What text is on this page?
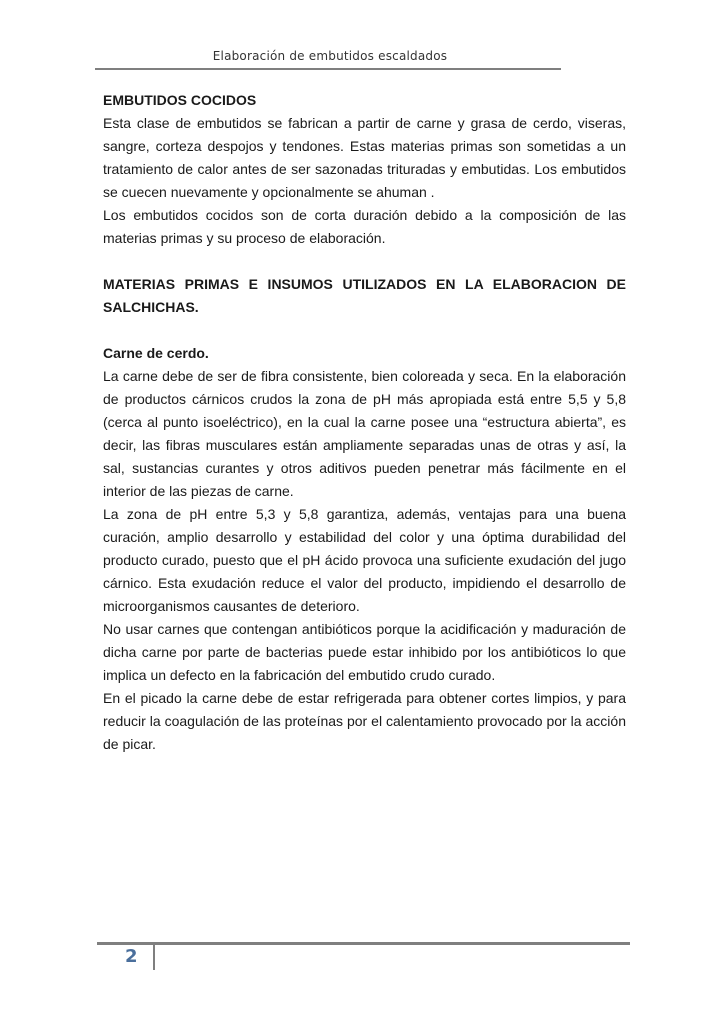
Elaboración de embutidos escaldados

EMBUTIDOS COCIDOS

Esta clase de embutidos se fabrican a partir de carne y grasa de cerdo, viseras, sangre, corteza despojos y tendones. Estas materias primas son sometidas a un tratamiento de calor antes de ser sazonadas trituradas y embutidas. Los embutidos se cuecen nuevamente y opcionalmente se ahuman .

Los embutidos cocidos son de corta duración debido a la composición de las materias primas y su proceso de elaboración.

MATERIAS PRIMAS E INSUMOS UTILIZADOS EN LA ELABORACION DE SALCHICHAS.

Carne de cerdo.

La carne debe de ser de fibra consistente, bien coloreada y seca. En la elaboración de productos cárnicos crudos la zona de pH más apropiada está entre 5,5 y 5,8 (cerca al punto isoeléctrico), en la cual la carne posee una “estructura abierta”, es decir, las fibras musculares están ampliamente separadas unas de otras y así, la sal, sustancias curantes y otros aditivos pueden penetrar más fácilmente en el interior de las piezas de carne.

La zona de pH entre 5,3 y 5,8 garantiza, además, ventajas para una buena curación, amplio desarrollo y estabilidad del color y una óptima durabilidad del producto curado, puesto que el pH ácido provoca una suficiente exudación del jugo cárnico. Esta exudación reduce el valor del producto, impidiendo el desarrollo de microorganismos causantes de deterioro.

No usar carnes que contengan antibióticos porque la acidificación y maduración de dicha carne por parte de bacterias puede estar inhibido por los antibióticos lo que implica un defecto en la fabricación del embutido crudo curado.

En el picado la carne debe de estar refrigerada para obtener cortes limpios, y para reducir la coagulación de las proteínas por el calentamiento provocado por la acción de picar.

2
